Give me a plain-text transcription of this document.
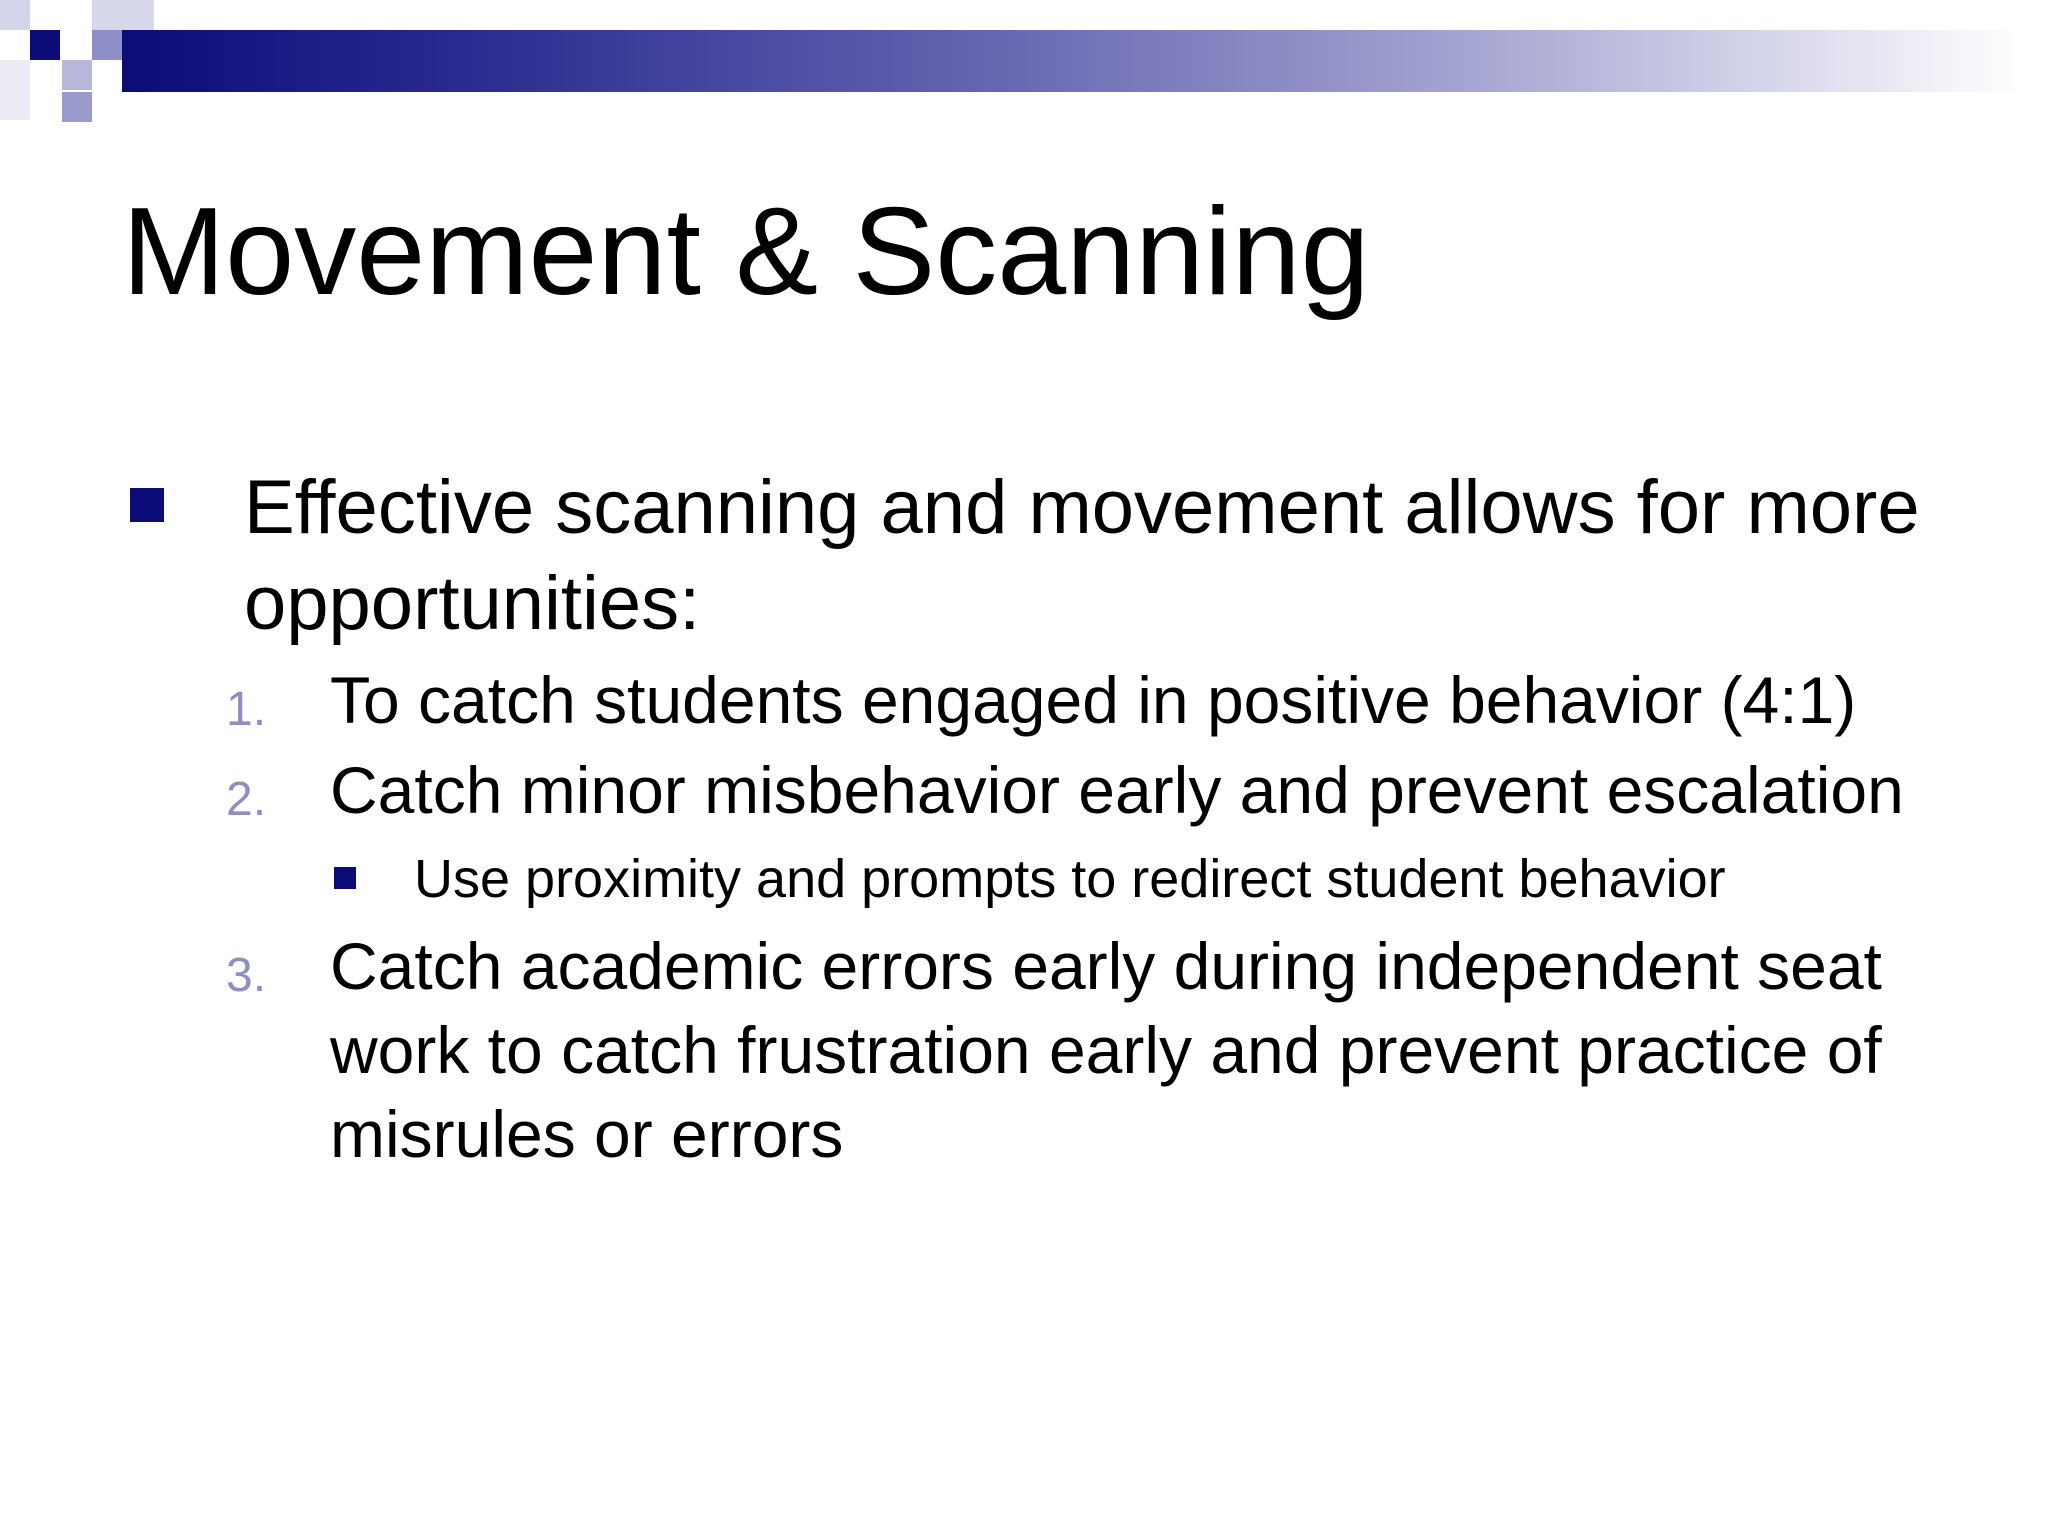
Movement & Scanning
Effective scanning and movement allows for more opportunities:
1. To catch students engaged in positive behavior (4:1)
2. Catch minor misbehavior early and prevent escalation
Use proximity and prompts to redirect student behavior
3. Catch academic errors early during independent seat work to catch frustration early and prevent practice of misrules or errors
